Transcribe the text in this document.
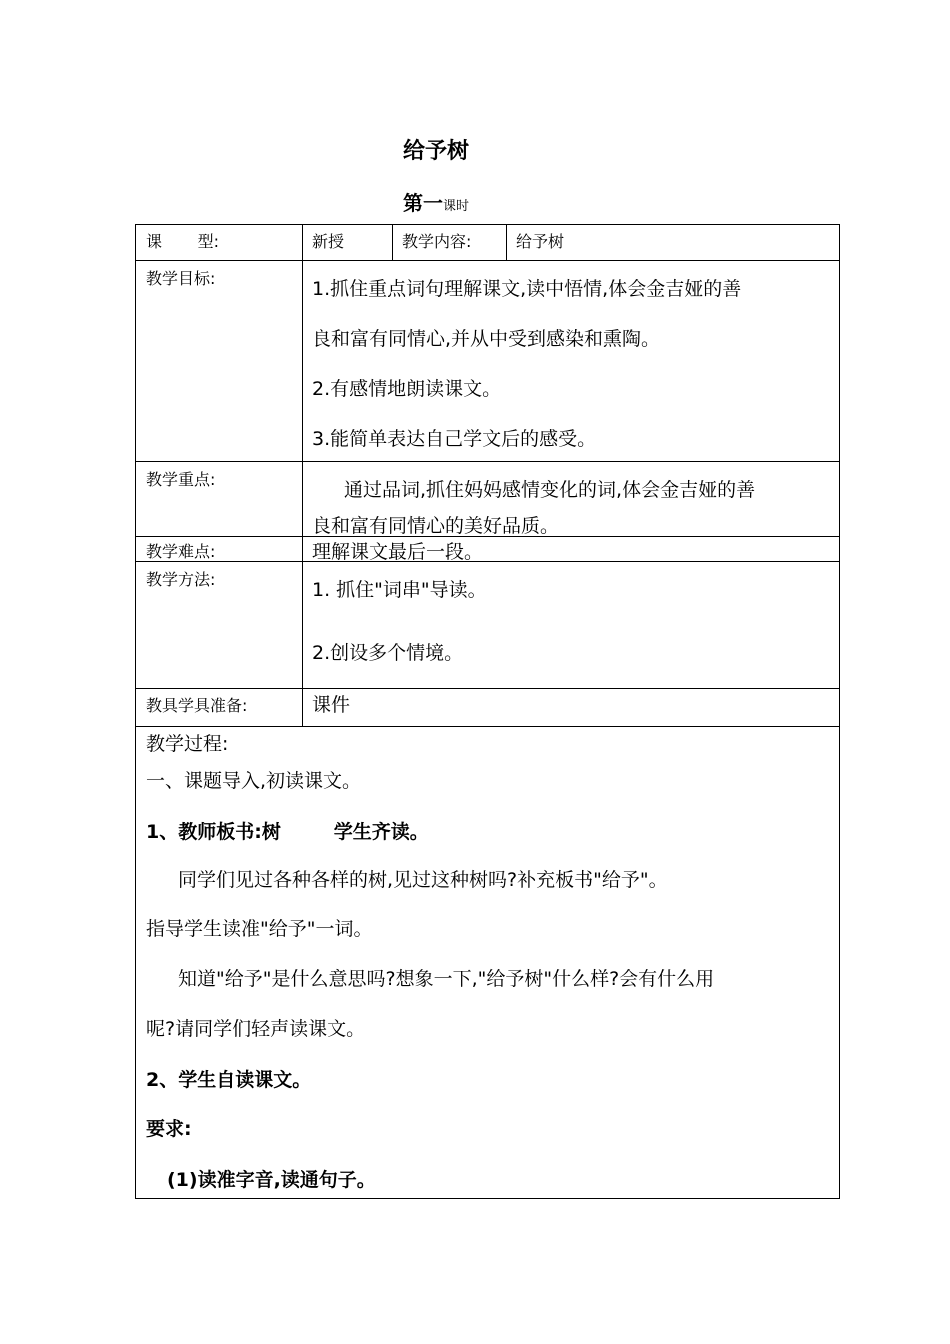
给予树
第一课时
课       型:	新授	教学内容:	给予树
教学目标:	1.抓住重点词句理解课文,读中悟情,体会金吉娅的善
良和富有同情心,并从中受到感染和熏陶。
2.有感情地朗读课文。
3.能简单表达自己学文后的感受。
教学重点:	通过品词,抓住妈妈感情变化的词,体会金吉娅的善
良和富有同情心的美好品质。
教学难点:	理解课文最后一段。
教学方法:	1. 抓住"词串"导读。
2.创设多个情境。
教具学具准备:	课件
教学过程:
一、课题导入,初读课文。
1、教师板书:树        学生齐读。
同学们见过各种各样的树,见过这种树吗?补充板书"给予"。
指导学生读准"给予"一词。
知道"给予"是什么意思吗?想象一下,"给予树"什么样?会有什么用
呢?请同学们轻声读课文。
2、学生自读课文。
要求:
(1)读准字音,读通句子。
